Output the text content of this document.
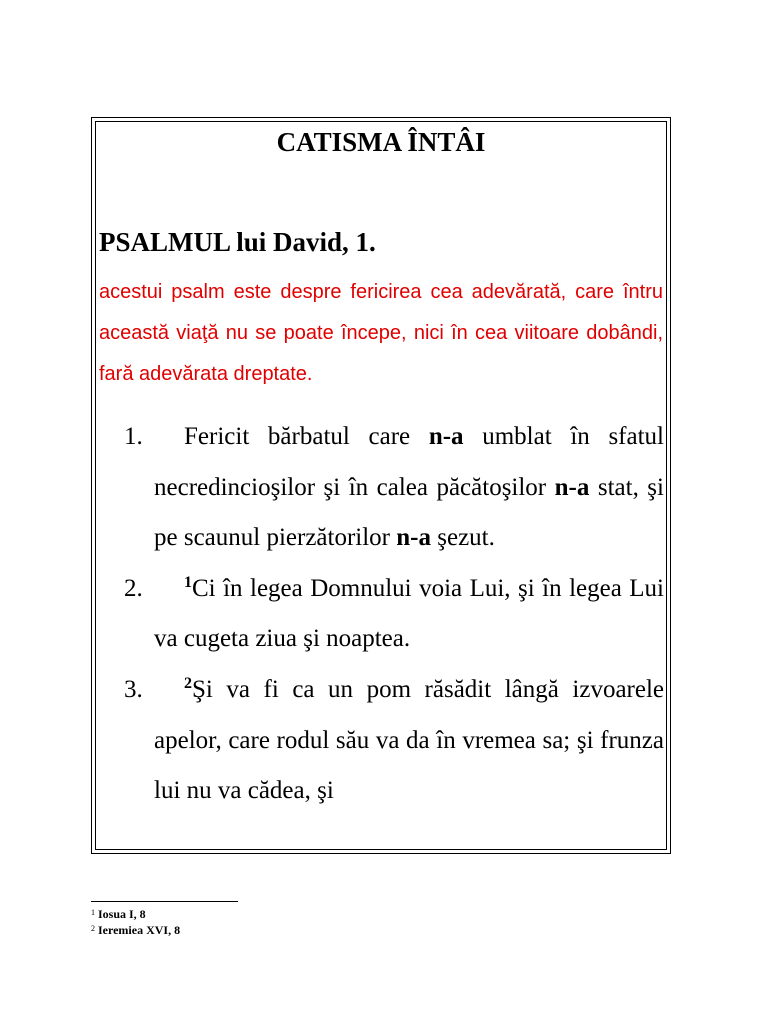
CATISMA ÎNTÂI
PSALMUL lui David, 1.

acestui psalm este despre fericirea cea adevărată, care întru această viaţă nu se poate începe, nici în cea viitoare dobândi, fară adevărata dreptate.

1. Fericit bărbatul care n-a umblat în sfatul necredincioşilor şi în calea păcătoşilor n-a stat, şi pe scaunul pierzătorilor n-a şezut.
2.	$^1$Ci în legea Domnului voia Lui, şi în legea Lui va cugeta ziua şi noaptea.
3.	$^2$Şi va fi ca un pom răsădit lângă izvoarele apelor, care rodul său va da în vremea sa; şi frunza lui nu va cădea, şi
$^1$ Iosua I, 8
$^2$ Ieremiea XVI, 8
